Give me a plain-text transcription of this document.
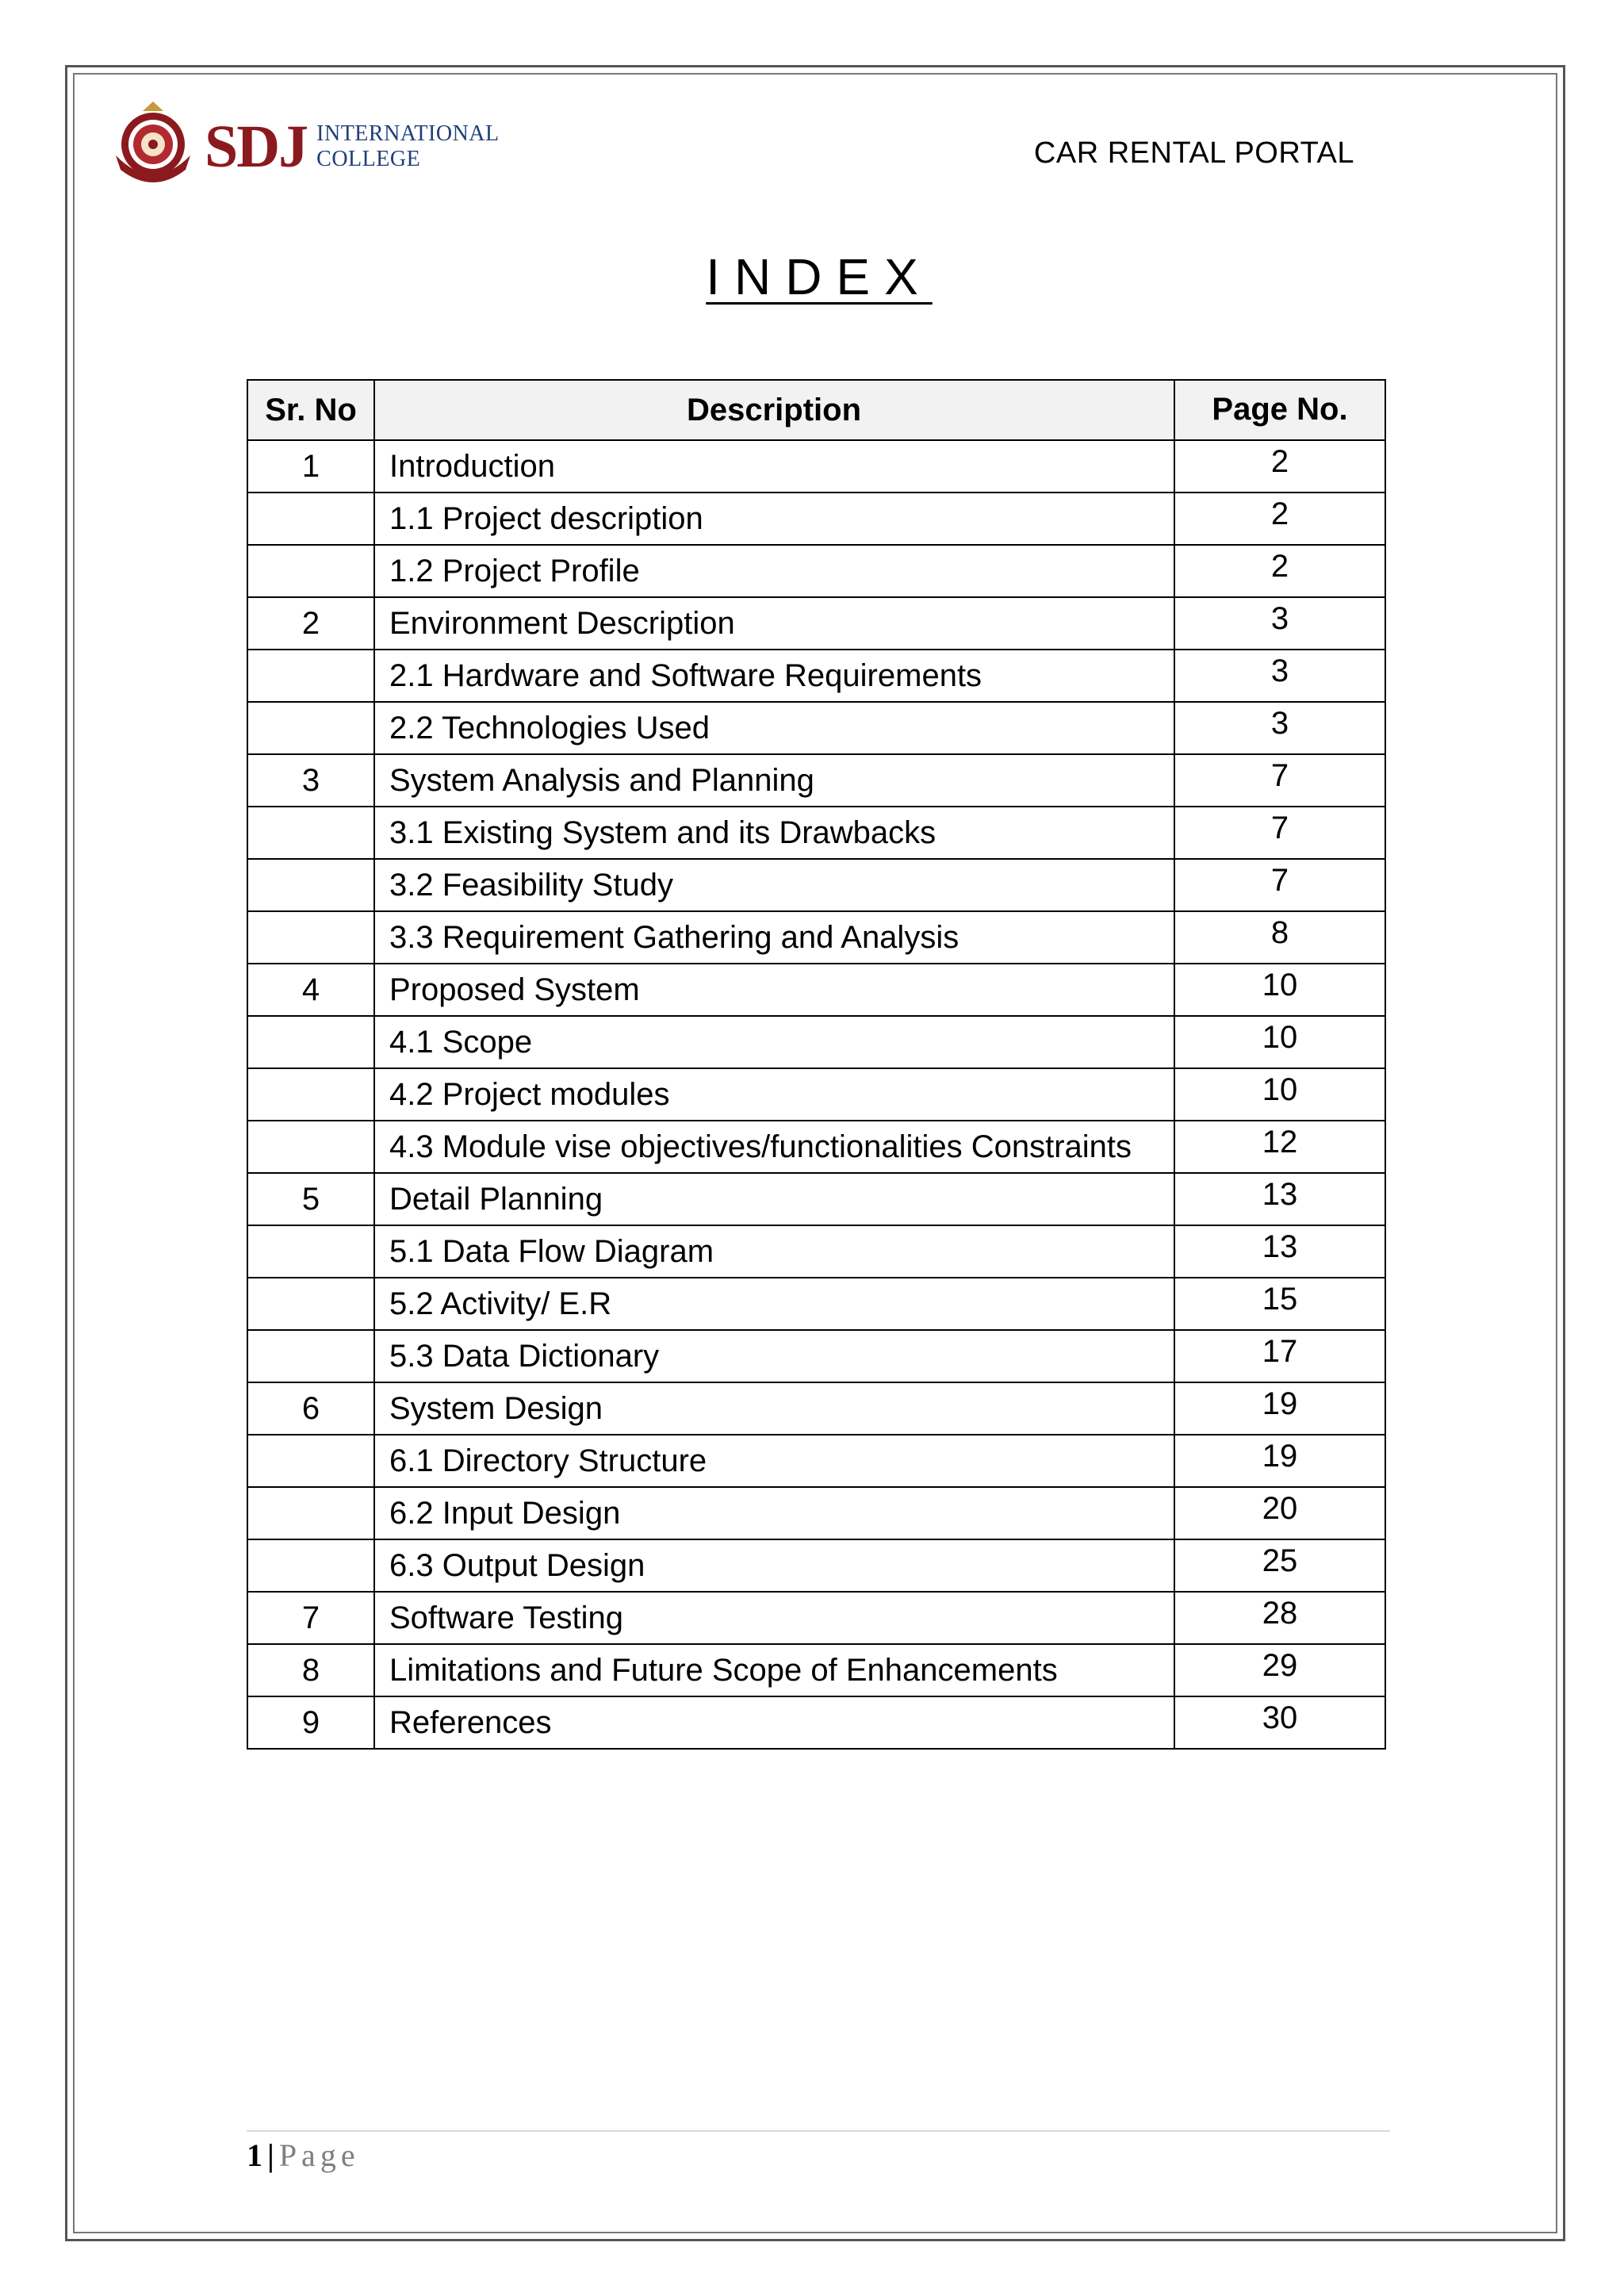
SDJ INTERNATIONAL
COLLEGE	CAR RENTAL PORTAL
INDEX
Sr. No	Description	Page No.
1	Introduction	2
	1.1 Project description	2
	1.2 Project Profile	2
2	Environment Description	3
	2.1 Hardware and Software Requirements	3
	2.2 Technologies Used	3
3	System Analysis and Planning	7
	3.1 Existing System and its Drawbacks	7
	3.2 Feasibility Study	7
	3.3 Requirement Gathering and Analysis	8
4	Proposed System	10
	4.1 Scope	10
	4.2 Project modules	10
	4.3 Module vise objectives/functionalities Constraints	12
5	Detail Planning	13
	5.1 Data Flow Diagram	13
	5.2 Activity/ E.R	15
	5.3 Data Dictionary	17
6	System Design	19
	6.1 Directory Structure	19
	6.2 Input Design	20
	6.3 Output Design	25
7	Software Testing	28
8	Limitations and Future Scope of Enhancements	29
9	References	30
1 | Page
